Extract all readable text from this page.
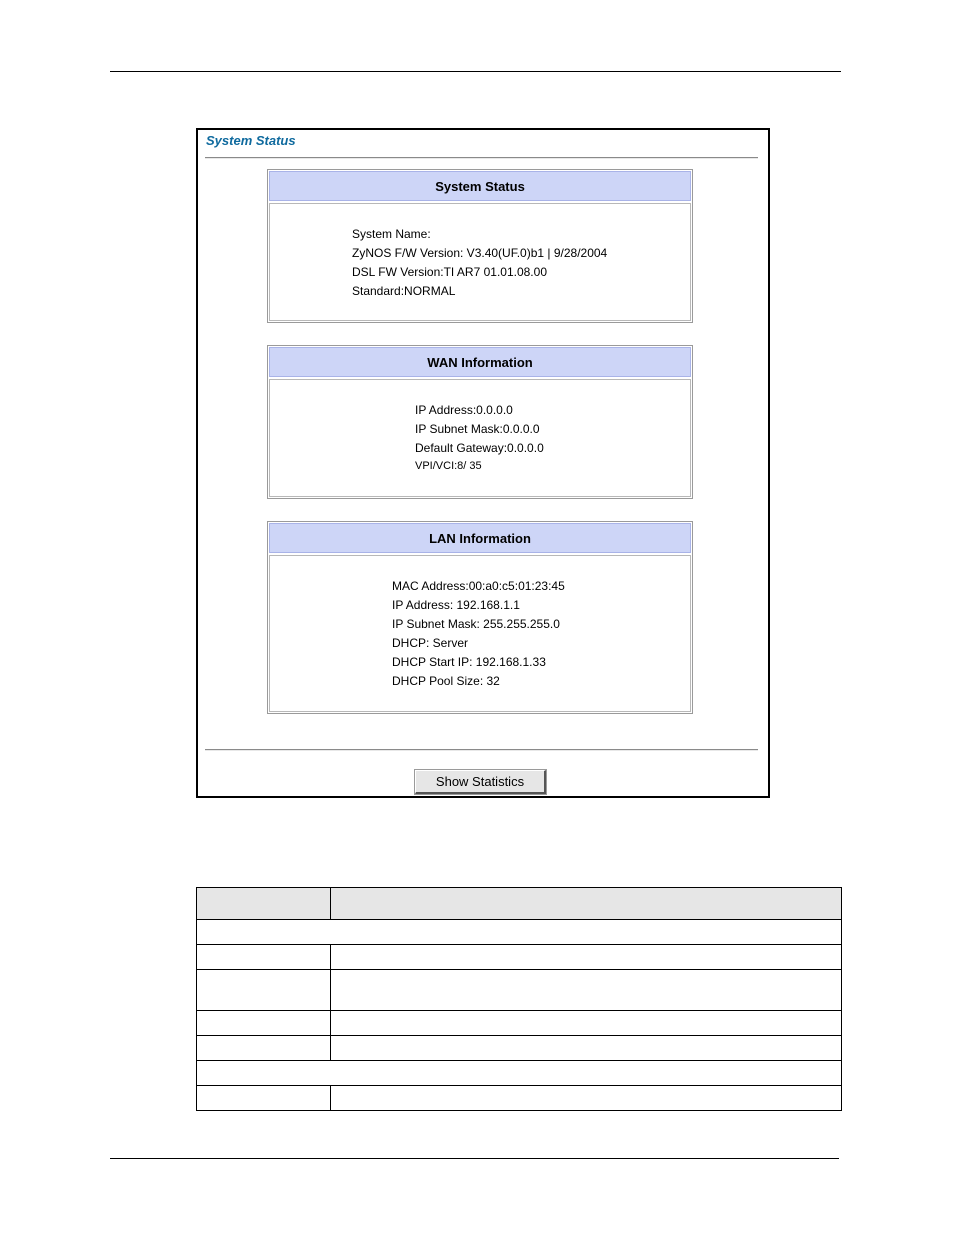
System Status
System Status
System Name:
ZyNOS F/W Version: V3.40(UF.0)b1 | 9/28/2004
DSL FW Version:TI AR7 01.01.08.00
Standard:NORMAL
WAN Information
IP Address:0.0.0.0
IP Subnet Mask:0.0.0.0
Default Gateway:0.0.0.0
VPI/VCI:8/ 35
LAN Information
MAC Address:00:a0:c5:01:23:45
IP Address: 192.168.1.1
IP Subnet Mask: 255.255.255.0
DHCP: Server
DHCP Start IP: 192.168.1.33
DHCP Pool Size: 32
Show Statistics
